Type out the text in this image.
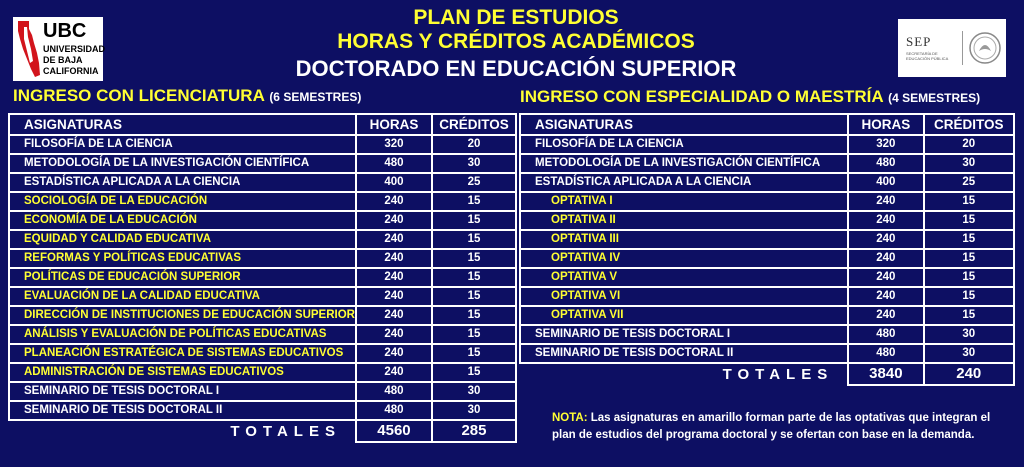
UBC
UNIVERSIDAD
DE BAJA
CALIFORNIA
SEP
SECRETARÍA DE EDUCACIÓN PÚBLICA
PLAN DE ESTUDIOS
HORAS Y CRÉDITOS ACADÉMICOS
DOCTORADO EN EDUCACIÓN SUPERIOR
INGRESO CON LICENCIATURA (6 SEMESTRES)	INGRESO CON ESPECIALIDAD O MAESTRÍA (4 SEMESTRES)
ASIGNATURAS	HORAS	CRÉDITOS
FILOSOFÍA DE LA CIENCIA	320	20
METODOLOGÍA DE LA INVESTIGACIÓN CIENTÍFICA	480	30
ESTADÍSTICA APLICADA A LA CIENCIA	400	25
SOCIOLOGÍA DE LA EDUCACIÓN	240	15
ECONOMÍA DE LA EDUCACIÓN	240	15
EQUIDAD Y CALIDAD EDUCATIVA	240	15
REFORMAS Y POLÍTICAS EDUCATIVAS	240	15
POLÍTICAS DE EDUCACIÓN SUPERIOR	240	15
EVALUACIÓN DE LA CALIDAD EDUCATIVA	240	15
DIRECCIÓN DE INSTITUCIONES DE EDUCACIÓN SUPERIOR	240	15
ANÁLISIS Y EVALUACIÓN DE POLÍTICAS EDUCATIVAS	240	15
PLANEACIÓN ESTRATÉGICA DE SISTEMAS EDUCATIVOS	240	15
ADMINISTRACIÓN DE SISTEMAS EDUCATIVOS	240	15
SEMINARIO DE TESIS DOCTORAL I	480	30
SEMINARIO DE TESIS DOCTORAL II	480	30
TOTALES	4560	285
ASIGNATURAS	HORAS	CRÉDITOS
FILOSOFÍA DE LA CIENCIA	320	20
METODOLOGÍA DE LA INVESTIGACIÓN CIENTÍFICA	480	30
ESTADÍSTICA APLICADA A LA CIENCIA	400	25
OPTATIVA I	240	15
OPTATIVA II	240	15
OPTATIVA III	240	15
OPTATIVA IV	240	15
OPTATIVA V	240	15
OPTATIVA VI	240	15
OPTATIVA VII	240	15
SEMINARIO DE TESIS DOCTORAL I	480	30
SEMINARIO DE TESIS DOCTORAL II	480	30
TOTALES	3840	240
NOTA: Las asignaturas en amarillo forman parte de las optativas que integran el plan de estudios del programa doctoral y se ofertan con base en la demanda.
